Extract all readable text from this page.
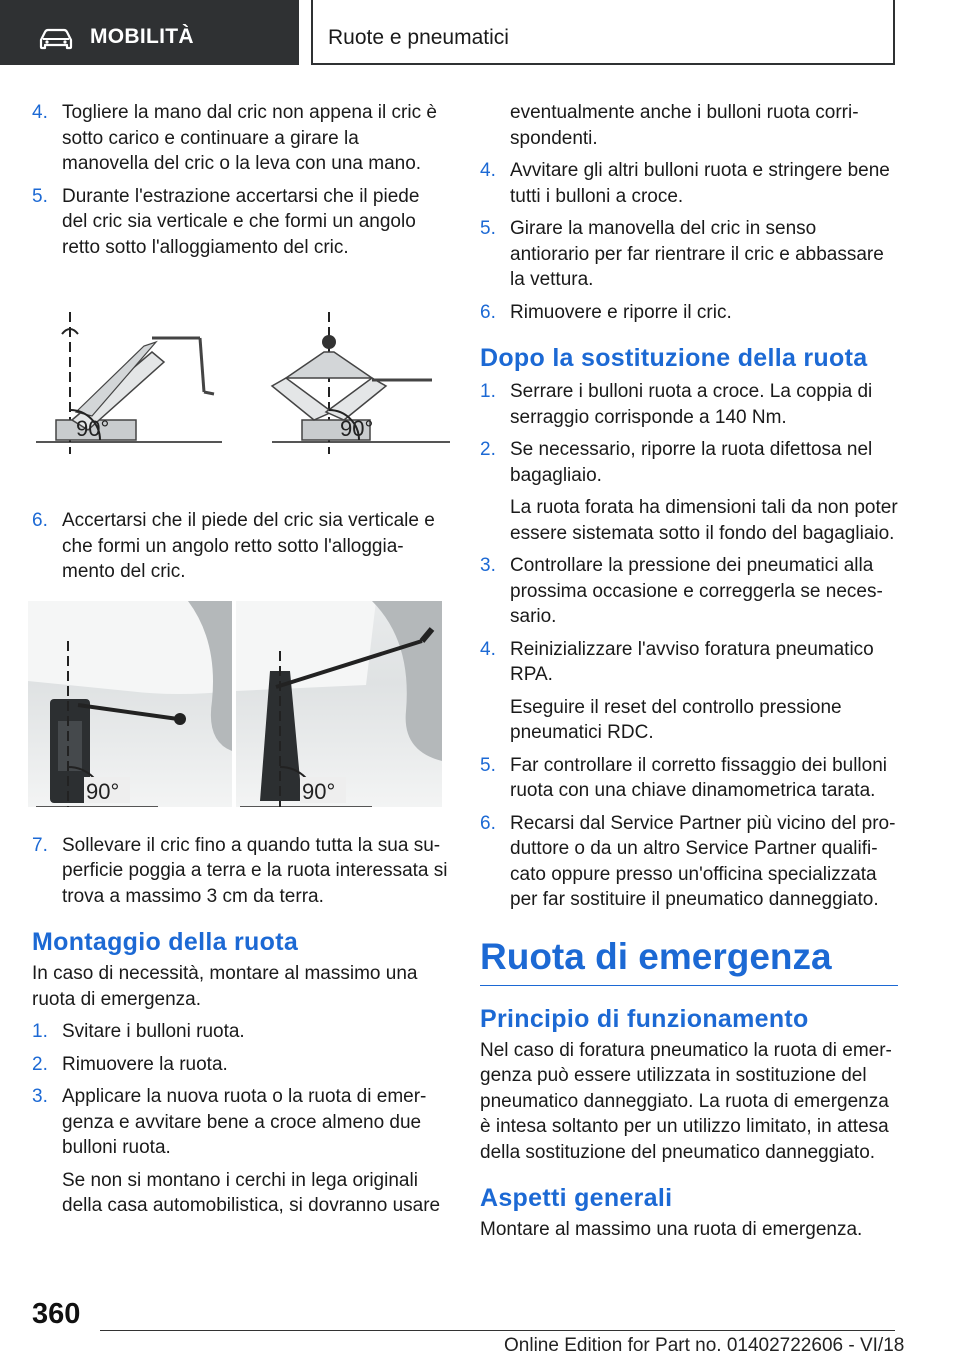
MOBILITÀ	Ruote e pneumatici
4. Togliere la mano dal cric non appena il cric è sotto carico e continuare a girare la manovella del cric o la leva con una mano.
5. Durante l'estrazione accertarsi che il piede del cric sia verticale e che formi un angolo retto sotto l'alloggiamento del cric.
90°	90°
6. Accertarsi che il piede del cric sia verticale e che formi un angolo retto sotto l'alloggia-mento del cric.
90°	90°
7. Sollevare il cric fino a quando tutta la sua su-perficie poggia a terra e la ruota interessata si trova a massimo 3 cm da terra.
Montaggio della ruota

In caso di necessità, montare al massimo una ruota di emergenza.

1. Svitare i bulloni ruota.
2. Rimuovere la ruota.
3. Applicare la nuova ruota o la ruota di emer-genza e avvitare bene a croce almeno due bulloni ruota.
Se non si montano i cerchi in lega originali della casa automobilistica, si dovranno usare
eventualmente anche i bulloni ruota corri-spondenti.
4. Avvitare gli altri bulloni ruota e stringere bene tutti i bulloni a croce.
5. Girare la manovella del cric in senso antiorario per far rientrare il cric e abbassare la vettura.
6. Rimuovere e riporre il cric.
Dopo la sostituzione della ruota
1. Serrare i bulloni ruota a croce. La coppia di serraggio corrisponde a 140 Nm.
2. Se necessario, riporre la ruota difettosa nel bagagliaio.
La ruota forata ha dimensioni tali da non poter essere sistemata sotto il fondo del bagagliaio.
3. Controllare la pressione dei pneumatici alla prossima occasione e correggerla se neces-sario.
4. Reinizializzare l'avviso foratura pneumatico RPA.
Eseguire il reset del controllo pressione pneumatici RDC.
5. Far controllare il corretto fissaggio dei bulloni ruota con una chiave dinamometrica tarata.
6. Recarsi dal Service Partner più vicino del pro-duttore o da un altro Service Partner qualifi-cato oppure presso un'officina specializzata per far sostituire il pneumatico danneggiato.
Ruota di emergenza
Principio di funzionamento

Nel caso di foratura pneumatico la ruota di emer-genza può essere utilizzata in sostituzione del pneumatico danneggiato. La ruota di emergenza è intesa soltanto per un utilizzo limitato, in attesa della sostituzione del pneumatico danneggiato.

Aspetti generali

Montare al massimo una ruota di emergenza.

360
Online Edition for Part no. 01402722606 - VI/18
